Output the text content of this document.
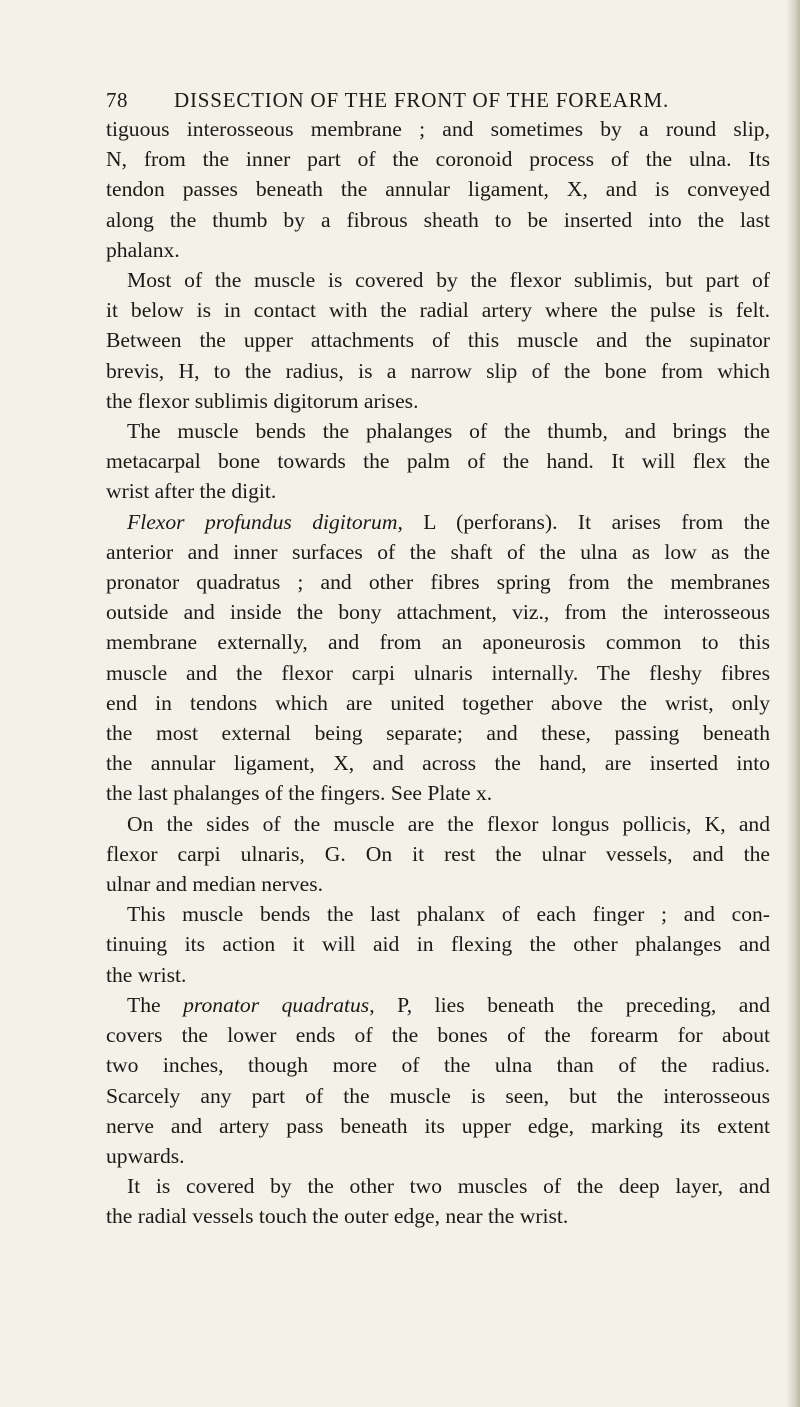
78 DISSECTION OF THE FRONT OF THE FOREARM.
tiguous interosseous membrane ; and sometimes by a round slip,
N, from the inner part of the coronoid process of the ulna. Its
tendon passes beneath the annular ligament, X, and is conveyed
along the thumb by a fibrous sheath to be inserted into the last
phalanx.
Most of the muscle is covered by the flexor sublimis, but part of
it below is in contact with the radial artery where the pulse is felt.
Between the upper attachments of this muscle and the supinator
brevis, H, to the radius, is a narrow slip of the bone from which
the flexor sublimis digitorum arises.
The muscle bends the phalanges of the thumb, and brings the
metacarpal bone towards the palm of the hand. It will flex the
wrist after the digit.
Flexor profundus digitorum, L (perforans). It arises from the
anterior and inner surfaces of the shaft of the ulna as low as the
pronator quadratus ; and other fibres spring from the membranes
outside and inside the bony attachment, viz., from the interosseous
membrane externally, and from an aponeurosis common to this
muscle and the flexor carpi ulnaris internally. The fleshy fibres
end in tendons which are united together above the wrist, only
the most external being separate; and these, passing beneath
the annular ligament, X, and across the hand, are inserted into
the last phalanges of the fingers. See Plate x.
On the sides of the muscle are the flexor longus pollicis, K, and
flexor carpi ulnaris, G. On it rest the ulnar vessels, and the
ulnar and median nerves.
This muscle bends the last phalanx of each finger ; and con-
tinuing its action it will aid in flexing the other phalanges and
the wrist.
The pronator quadratus, P, lies beneath the preceding, and
covers the lower ends of the bones of the forearm for about
two inches, though more of the ulna than of the radius.
Scarcely any part of the muscle is seen, but the interosseous
nerve and artery pass beneath its upper edge, marking its extent
upwards.
It is covered by the other two muscles of the deep layer, and
the radial vessels touch the outer edge, near the wrist.
